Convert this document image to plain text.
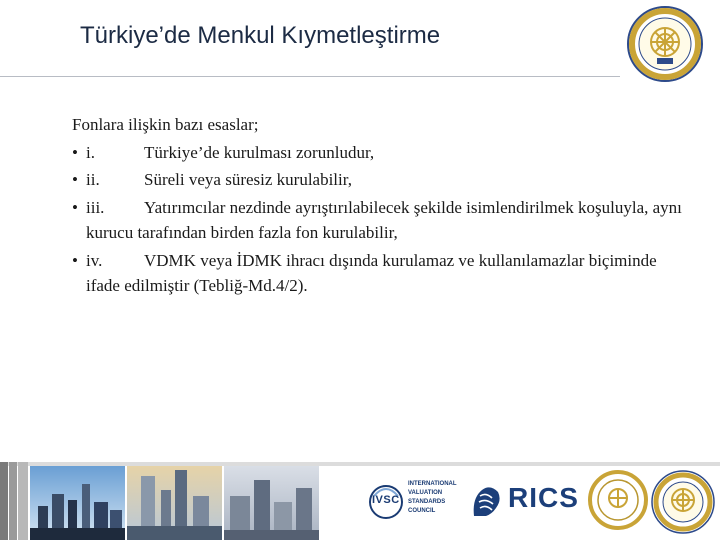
Türkiye’de Menkul Kıymetleştirme

Fonlara ilişkin bazı esaslar;

• i.	Türkiye’de kurulması zorunludur,
• ii.	Süreli veya süresiz kurulabilir,
• iii. Yatırımcılar nezdinde ayrıştırılabilecek şekilde isimlendirilmek koşuluyla, aynı kurucu tarafından birden fazla fon kurulabilir,
• iv. VDMK veya İDMK ihracı dışında kurulamaz ve kullanılamazlar biçiminde ifade edilmiştir (Tebliğ-Md.4/2).
IVSC
INTERNATIONAL
VALUATION
STANDARDS
COUNCIL	RICS
